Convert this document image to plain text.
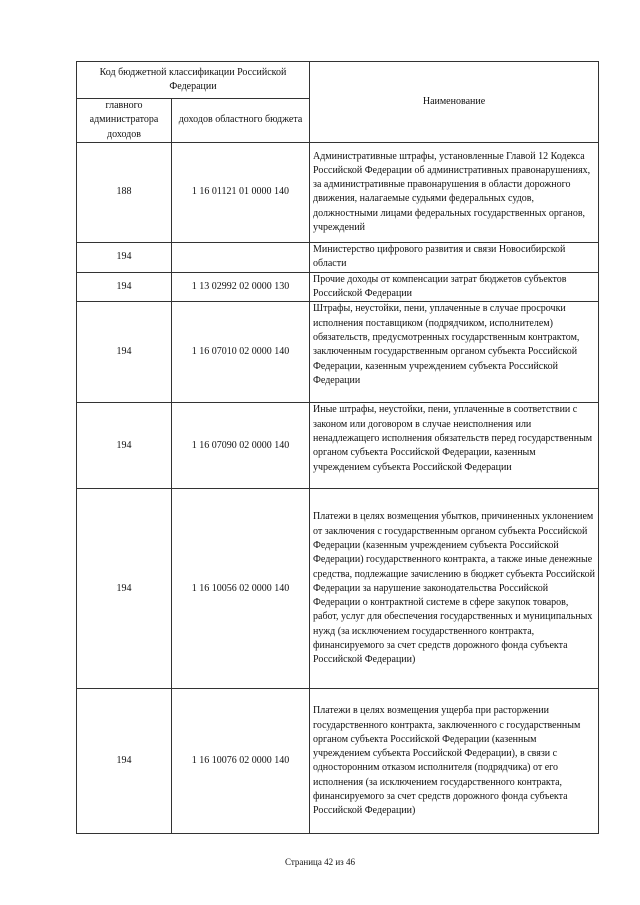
Код бюджетной классификации Российской Федерации		Наименование
главного администратора доходов	доходов областного бюджета	
188	1 16 01121 01 0000 140	Административные штрафы, установленные Главой 12 Кодекса Российской Федерации об административных правонарушениях, за административные правонарушения в области дорожного движения, налагаемые судьями федеральных судов, должностными лицами федеральных государственных органов, учреждений
194		Министерство цифрового развития и связи Новосибирской области
194	1 13 02992 02 0000 130	Прочие доходы от компенсации затрат бюджетов субъектов Российской Федерации
194	1 16 07010 02 0000 140	Штрафы, неустойки, пени, уплаченные в случае просрочки исполнения поставщиком (подрядчиком, исполнителем) обязательств, предусмотренных государственным контрактом, заключенным государственным органом субъекта Российской Федерации, казенным учреждением субъекта Российской Федерации
194	1 16 07090 02 0000 140	Иные штрафы, неустойки, пени, уплаченные в соответствии с законом или договором в случае неисполнения или ненадлежащего исполнения обязательств перед государственным органом субъекта Российской Федерации, казенным учреждением субъекта Российской Федерации
194	1 16 10056 02 0000 140	Платежи в целях возмещения убытков, причиненных уклонением от заключения с государственным органом субъекта Российской Федерации (казенным учреждением субъекта Российской Федерации) государственного контракта, а также иные денежные средства, подлежащие зачислению в бюджет субъекта Российской Федерации за нарушение законодательства Российской Федерации о контрактной системе в сфере закупок товаров, работ, услуг для обеспечения государственных и муниципальных нужд (за исключением государственного контракта, финансируемого за счет средств дорожного фонда субъекта Российской Федерации)
194	1 16 10076 02 0000 140	Платежи в целях возмещения ущерба при расторжении государственного контракта, заключенного с государственным органом субъекта Российской Федерации (казенным учреждением субъекта Российской Федерации), в связи с односторонним отказом исполнителя (подрядчика) от его исполнения (за исключением государственного контракта, финансируемого за счет средств дорожного фонда субъекта Российской Федерации)
Страница 42 из 46
